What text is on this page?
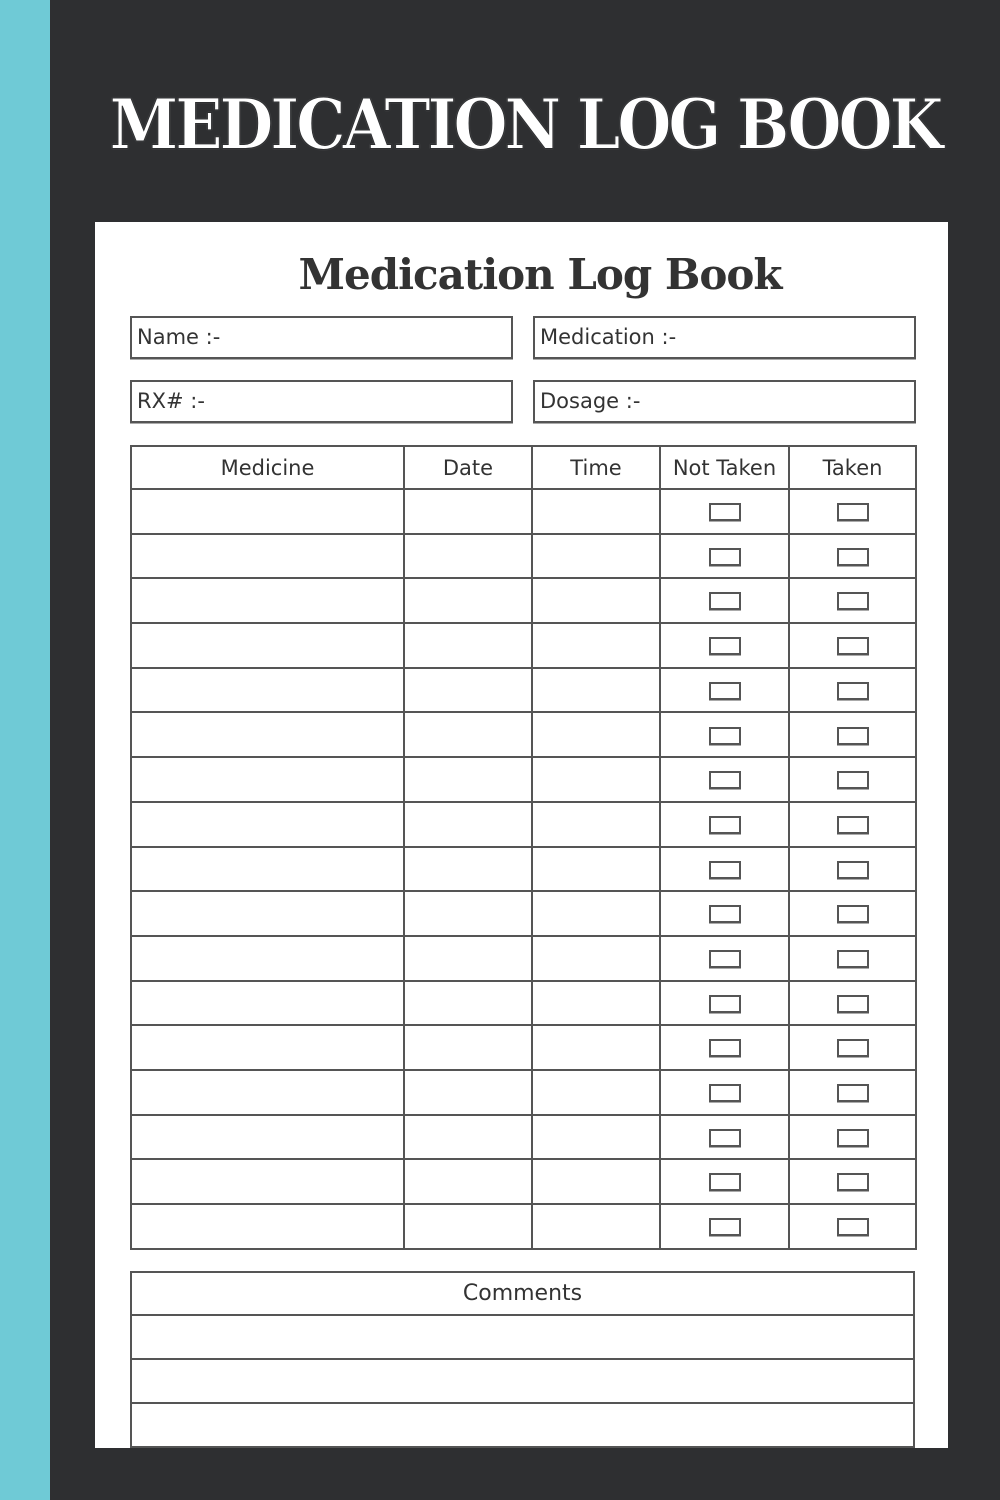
MEDICATION LOG BOOK
Medication Log Book
Name :-	Medication :-
RX# :-	Dosage :-
Medicine	Date	Time	Not Taken	Taken

Comments
